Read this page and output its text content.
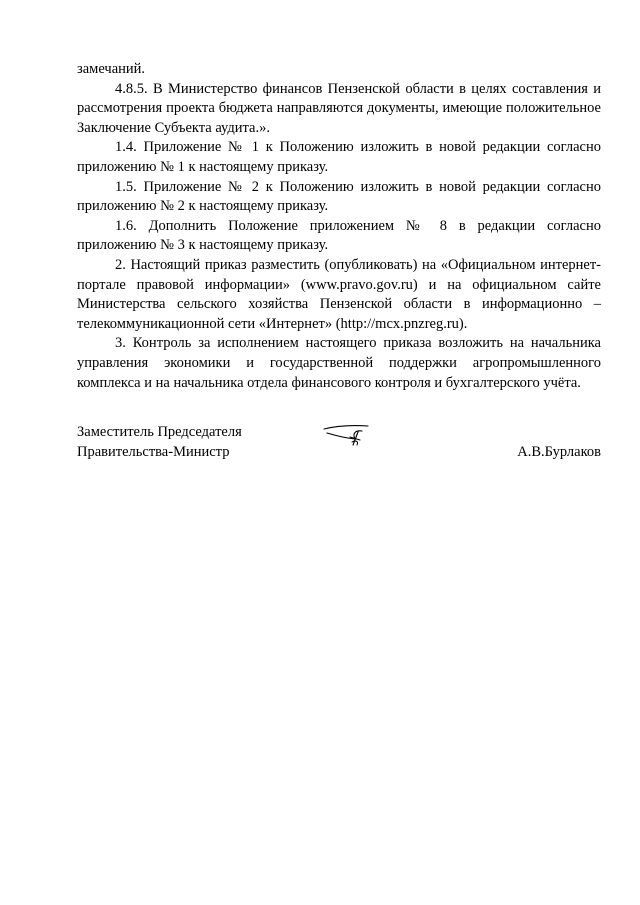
замечаний.

4.8.5. В Министерство финансов Пензенской области в целях составления и рассмотрения проекта бюджета направляются документы, имеющие положительное Заключение Субъекта аудита.».

1.4. Приложение № 1 к Положению изложить в новой редакции согласно приложению № 1 к настоящему приказу.

1.5. Приложение № 2 к Положению изложить в новой редакции согласно приложению № 2 к настоящему приказу.

1.6. Дополнить Положение приложением № 8 в редакции согласно приложению № 3 к настоящему приказу.

2. Настоящий приказ разместить (опубликовать) на «Официальном интернет-портале правовой информации» (www.pravo.gov.ru) и на официальном сайте Министерства сельского хозяйства Пензенской области в информационно – телекоммуникационной сети «Интернет» (http://mcx.pnzreg.ru).

3. Контроль за исполнением настоящего приказа возложить на начальника управления экономики и государственной поддержки агропромышленного комплекса и на начальника отдела финансового контроля и бухгалтерского учёта.

Заместитель Председателя
Правительства-Министр	А.В.Бурлаков
